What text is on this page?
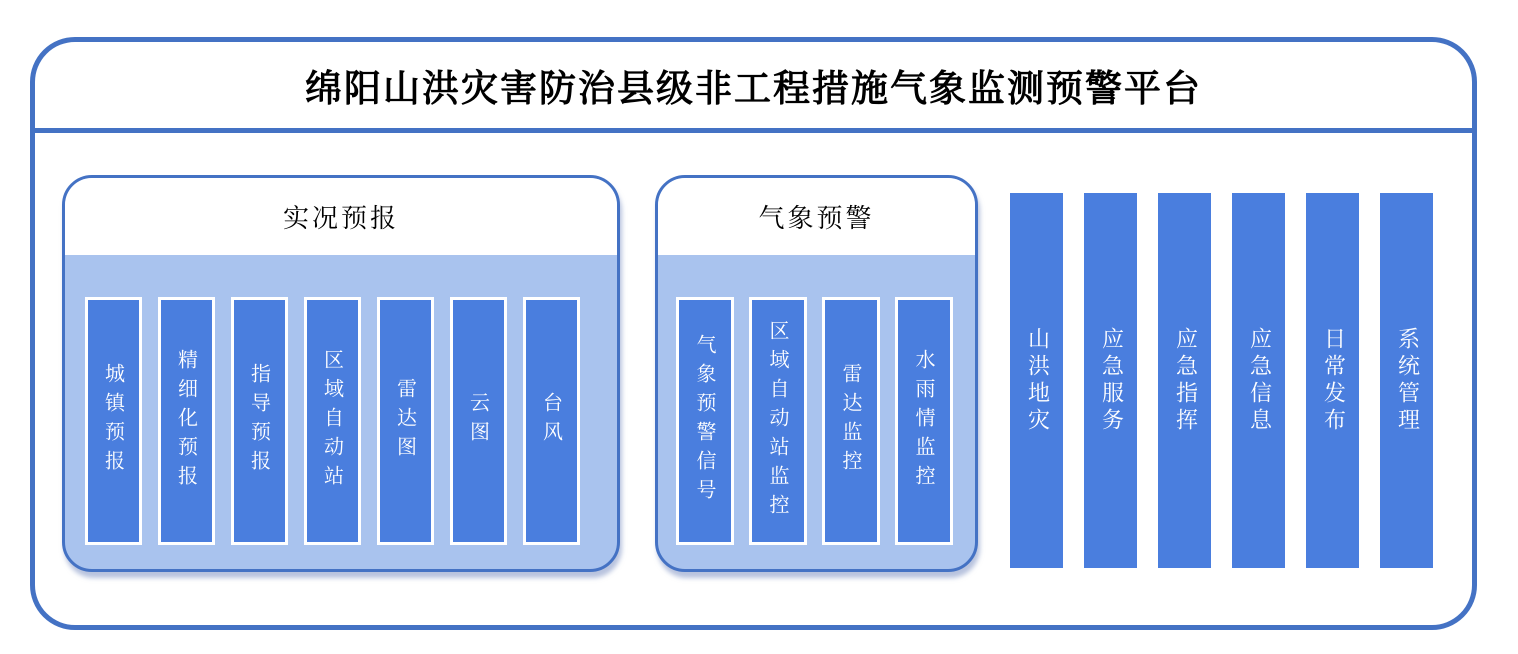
绵阳山洪灾害防治县级非工程措施气象监测预警平台
实况预报
城镇预报 精细化预报 指导预报 区域自动站 雷达图 云图 台风
气象预警
气象预警信号 区域自动站监控 雷达监控 水雨情监控	山洪地灾 应急服务 应急指挥 应急信息 日常发布 系统管理
